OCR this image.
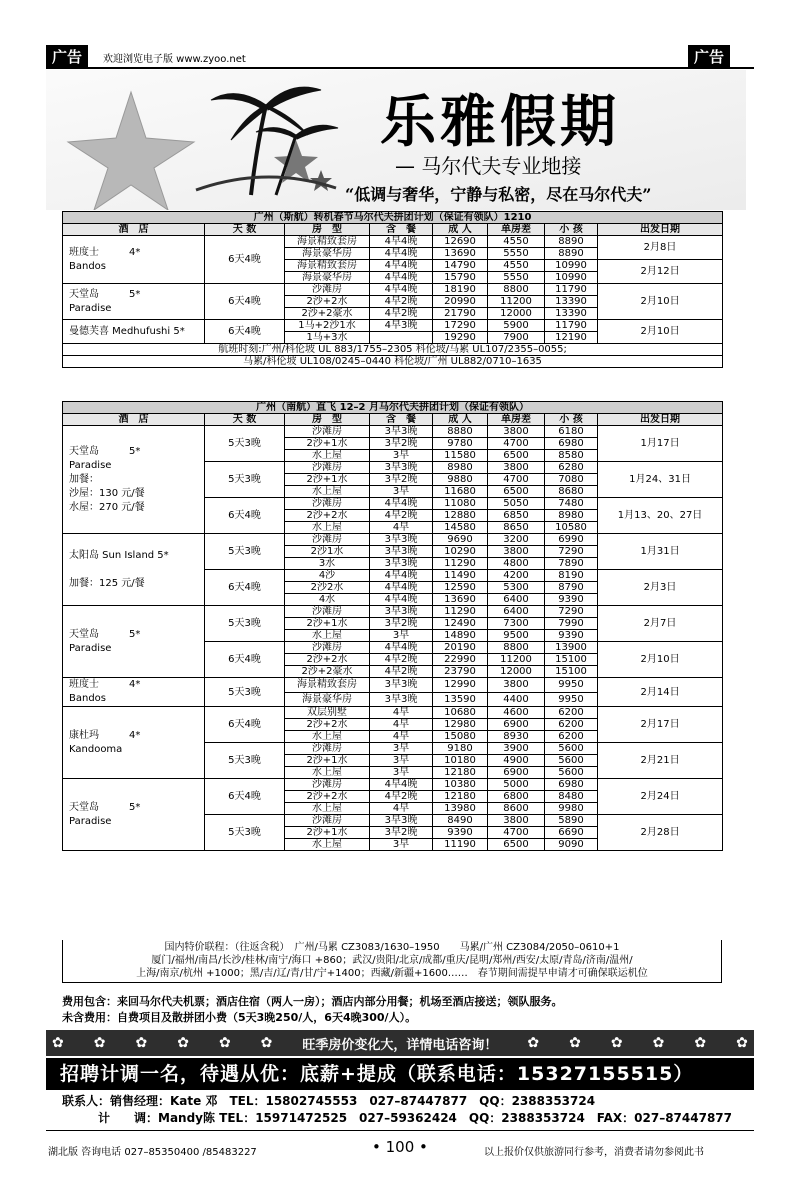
广告	广告
欢迎浏览电子版 www.zyoo.net
乐雅假期
— 马尔代夫专业地接
“低调与奢华，宁静与私密，尽在马尔代夫”
广州（斯航）转机春节马尔代夫拼团计划（保证有领队）1210							
酒　店	天 数	房　型	含　餐	成 人	单房差	小 孩	出发日期
班度士　　　4*
Bandos	6天4晚	海景精致套房	4早4晚	12690	4550	8890	2月8日
		海景豪华房	4早4晚	13690	5550	8890	
		海景精致套房	4早4晚	14790	4550	10990	2月12日
		海景豪华房	4早4晚	15790	5550	10990	
天堂岛　　　5*
Paradise	6天4晚	沙滩房	4早4晚	18190	8800	11790	2月10日
		2沙+2水	4早2晚	20990	11200	13390	
		2沙+2豪水	4早2晚	21790	12000	13390	
曼德芙喜 Medhufushi 5*	6天4晚	1马+2沙1水	4早3晚	17290	5900	11790	2月10日
		1马+3水		19290	7900	12190	
航班时刻:广州/科伦坡 UL 883/1755–2305 科伦坡/马累 UL107/2355–0055;							
马累/科伦坡 UL108/0245–0440 科伦坡/广州 UL882/0710–1635							
广州（南航）直飞 12–2 月马尔代夫拼团计划（保证有领队）							
酒　店	天 数	房　型	含　餐	成 人	单房差	小 孩	出发日期
天堂岛　　　5*
Paradise
加餐：
沙屋：130 元/餐
水屋：270 元/餐	5天3晚	沙滩房	3早3晚	8880	3800	6180	1月17日
		2沙+1水	3早2晚	9780	4700	6980	
		水上屋	3早	11580	6500	8580	
	5天3晚	沙滩房	3早3晚	8980	3800	6280	1月24、31日
		2沙+1水	3早2晚	9880	4700	7080	
		水上屋	3早	11680	6500	8680	
	6天4晚	沙滩房	4早4晚	11080	5050	7480	1月13、20、27日
		2沙+2水	4早2晚	12880	6850	8980	
		水上屋	4早	14580	8650	10580	
太阳岛 Sun Island 5*

加餐：125 元/餐	5天3晚	沙滩房	3早3晚	9690	3200	6990	1月31日
		2沙1水	3早3晚	10290	3800	7290	
		3水	3早3晚	11290	4800	7890	
	6天4晚	4沙	4早4晚	11490	4200	8190	2月3日
		2沙2水	4早4晚	12590	5300	8790	
		4水	4早4晚	13690	6400	9390	
天堂岛　　　5*
Paradise	5天3晚	沙滩房	3早3晚	11290	6400	7290	2月7日
		2沙+1水	3早2晚	12490	7300	7990	
		水上屋	3早	14890	9500	9390	
	6天4晚	沙滩房	4早4晚	20190	8800	13900	2月10日
		2沙+2水	4早2晚	22990	11200	15100	
		2沙+2豪水	4早2晚	23790	12000	15100	
班度士　　　4*
Bandos	5天3晚	海景精致套房	3早3晚	12990	3800	9950	2月14日
		海景豪华房	3早3晚	13590	4400	9950	
康杜玛　　　4*
Kandooma	6天4晚	双层别墅	4早	10680	4600	6200	2月17日
		2沙+2水	4早	12980	6900	6200	
		水上屋	4早	15080	8930	6200	
	5天3晚	沙滩房	3早	9180	3900	5600	2月21日
		2沙+1水	3早	10180	4900	5600	
		水上屋	3早	12180	6900	5600	
天堂岛　　　5*
Paradise	6天4晚	沙滩房	4早4晚	10380	5000	6980	2月24日
		2沙+2水	4早2晚	12180	6800	8480	
		水上屋	4早	13980	8600	9980	
	5天3晚	沙滩房	3早3晚	8490	3800	5890	2月28日
		2沙+1水	3早2晚	9390	4700	6690	
		水上屋	3早	11190	6500	9090	
国内特价联程：（往返含税）　广州/马累 CZ3083/1630–1950　　马累/广州 CZ3084/2050–0610+1
厦门/福州/南昌/长沙/桂林/南宁/海口 +860；武汉/贵阳/北京/成都/重庆/昆明/郑州/西安/太原/青岛/济南/温州/
上海/南京/杭州 +1000；黑/吉/辽/青/甘/宁+1400；西藏/新疆+1600……　春节期间需提早申请才可确保联运机位
费用包含：来回马尔代夫机票；酒店住宿（两人一房）；酒店内部分用餐；机场至酒店接送；领队服务。
未含费用：自费项目及散拼团小费（5天3晚250/人，6天4晚300/人）。
✿ ✿ ✿ ✿ ✿ ✿ 旺季房价变化大，详情电话咨询！ ✿ ✿ ✿ ✿ ✿ ✿
招聘计调一名，待遇从优：底薪+提成（联系电话：15327155515）
联系人：销售经理：Kate 邓　TEL：15802745553　027–87447877　QQ：2388353724
　　　计　　调：Mandy陈 TEL：15971472525　027–59362424　QQ：2388353724　FAX：027–87447877
湖北版 咨询电话 027–85350400 /85483227	• 100 •	以上报价仅供旅游同行参考，消费者请勿参阅此书
